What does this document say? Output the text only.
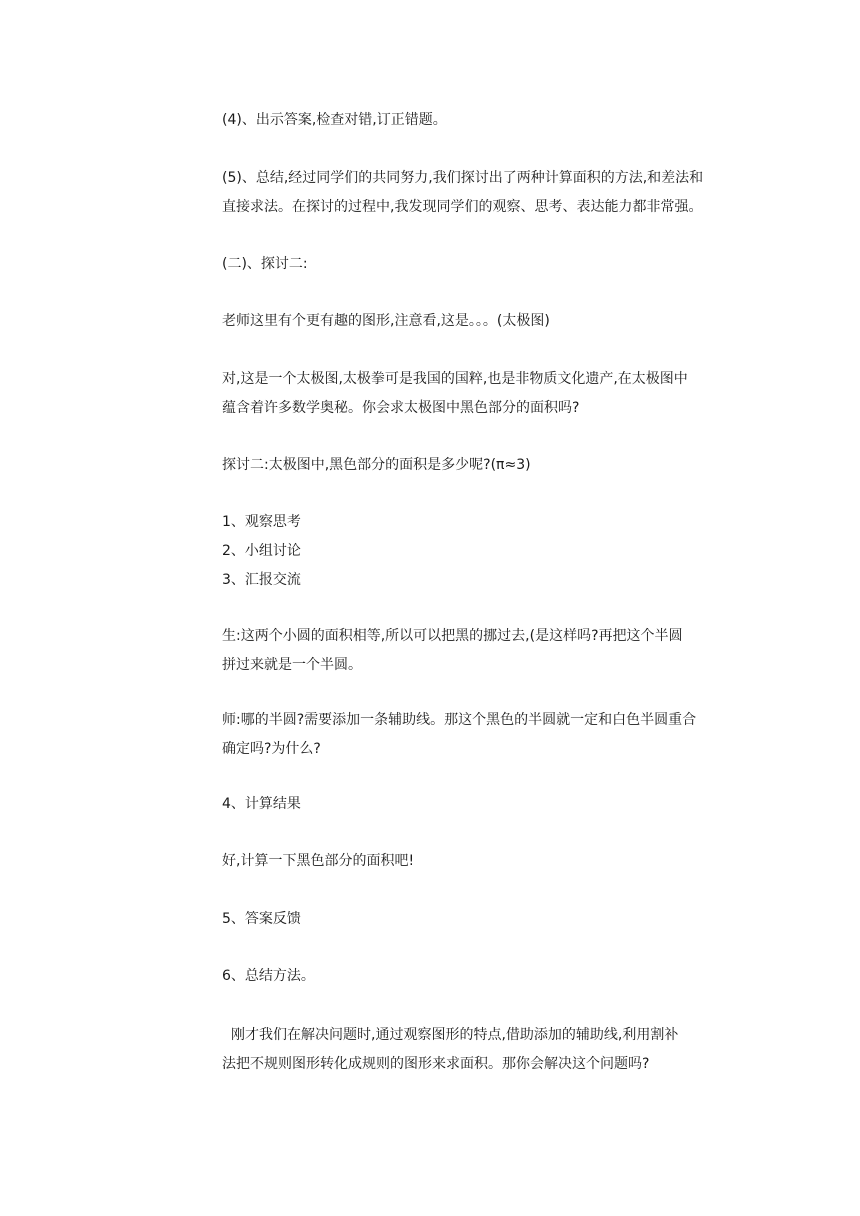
(4)、出示答案,检查对错,订正错题。
(5)、总结,经过同学们的共同努力,我们探讨出了两种计算面积的方法,和差法和
直接求法。在探讨的过程中,我发现同学们的观察、思考、表达能力都非常强。
(二)、探讨二:
老师这里有个更有趣的图形,注意看,这是。。。(太极图)
对,这是一个太极图,太极拳可是我国的国粹,也是非物质文化遗产,在太极图中
蕴含着许多数学奥秘。你会求太极图中黑色部分的面积吗?
探讨二:太极图中,黑色部分的面积是多少呢?(π≈3)
1、观察思考
2、小组讨论
3、汇报交流
生:这两个小圆的面积相等,所以可以把黑的挪过去,(是这样吗?再把这个半圆
拼过来就是一个半圆。
师:哪的半圆?需要添加一条辅助线。那这个黑色的半圆就一定和白色半圆重合
确定吗?为什么?
4、计算结果
好,计算一下黑色部分的面积吧!
5、答案反馈
6、总结方法。
刚才我们在解决问题时,通过观察图形的特点,借助添加的辅助线,利用割补
法把不规则图形转化成规则的图形来求面积。那你会解决这个问题吗?
